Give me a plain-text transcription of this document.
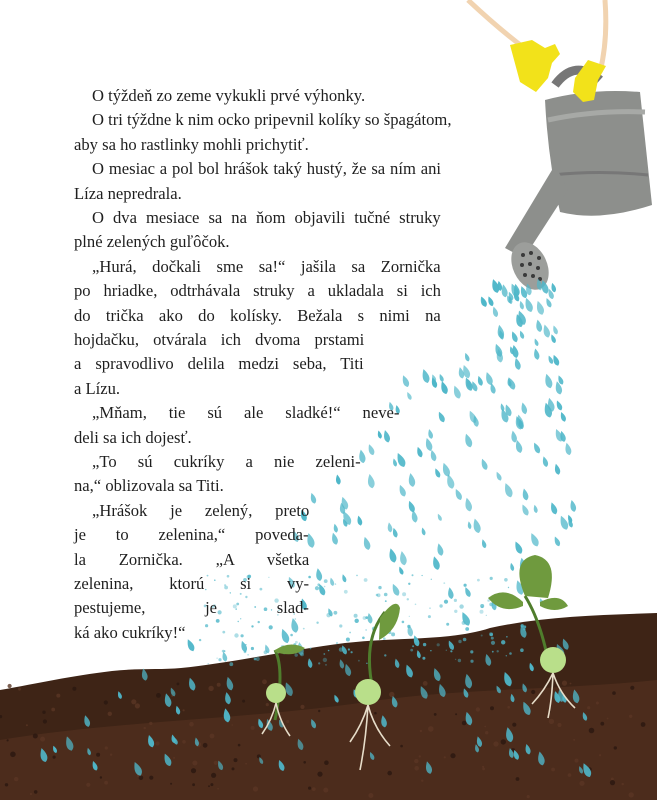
O týždeň zo zeme vykukli prvé výhonky.
O tri týždne k nim ocko pripevnil kolíky so špagátom,
aby sa ho rastlinky mohli prichytiť.
O mesiac a pol bol hrášok taký hustý, že sa ním ani
Líza nepredrala.
O dva mesiace sa na ňom objavili tučné struky
plné zelených guľôčok.
„Hurá, dočkali sme sa!“ jašila sa Zornička
po hriadke, odtrhávala struky a ukladala si ich
do trička ako do kolísky. Bežala s nimi na
hojdačku, otvárala ich dvoma prstami
a spravodlivo delila medzi seba, Titi
a Lízu.
„Mňam, tie sú ale sladké!“ neve-
deli sa ich dojesť.
„To sú cukríky a nie zeleni-
na,“ oblizovala sa Titi.
„Hrášok je zelený, preto
je to zelenina,“ poveda-
la Zornička. „A všetka
zelenina, ktorú si vy-
pestujeme, je slad-
ká ako cukríky!“
